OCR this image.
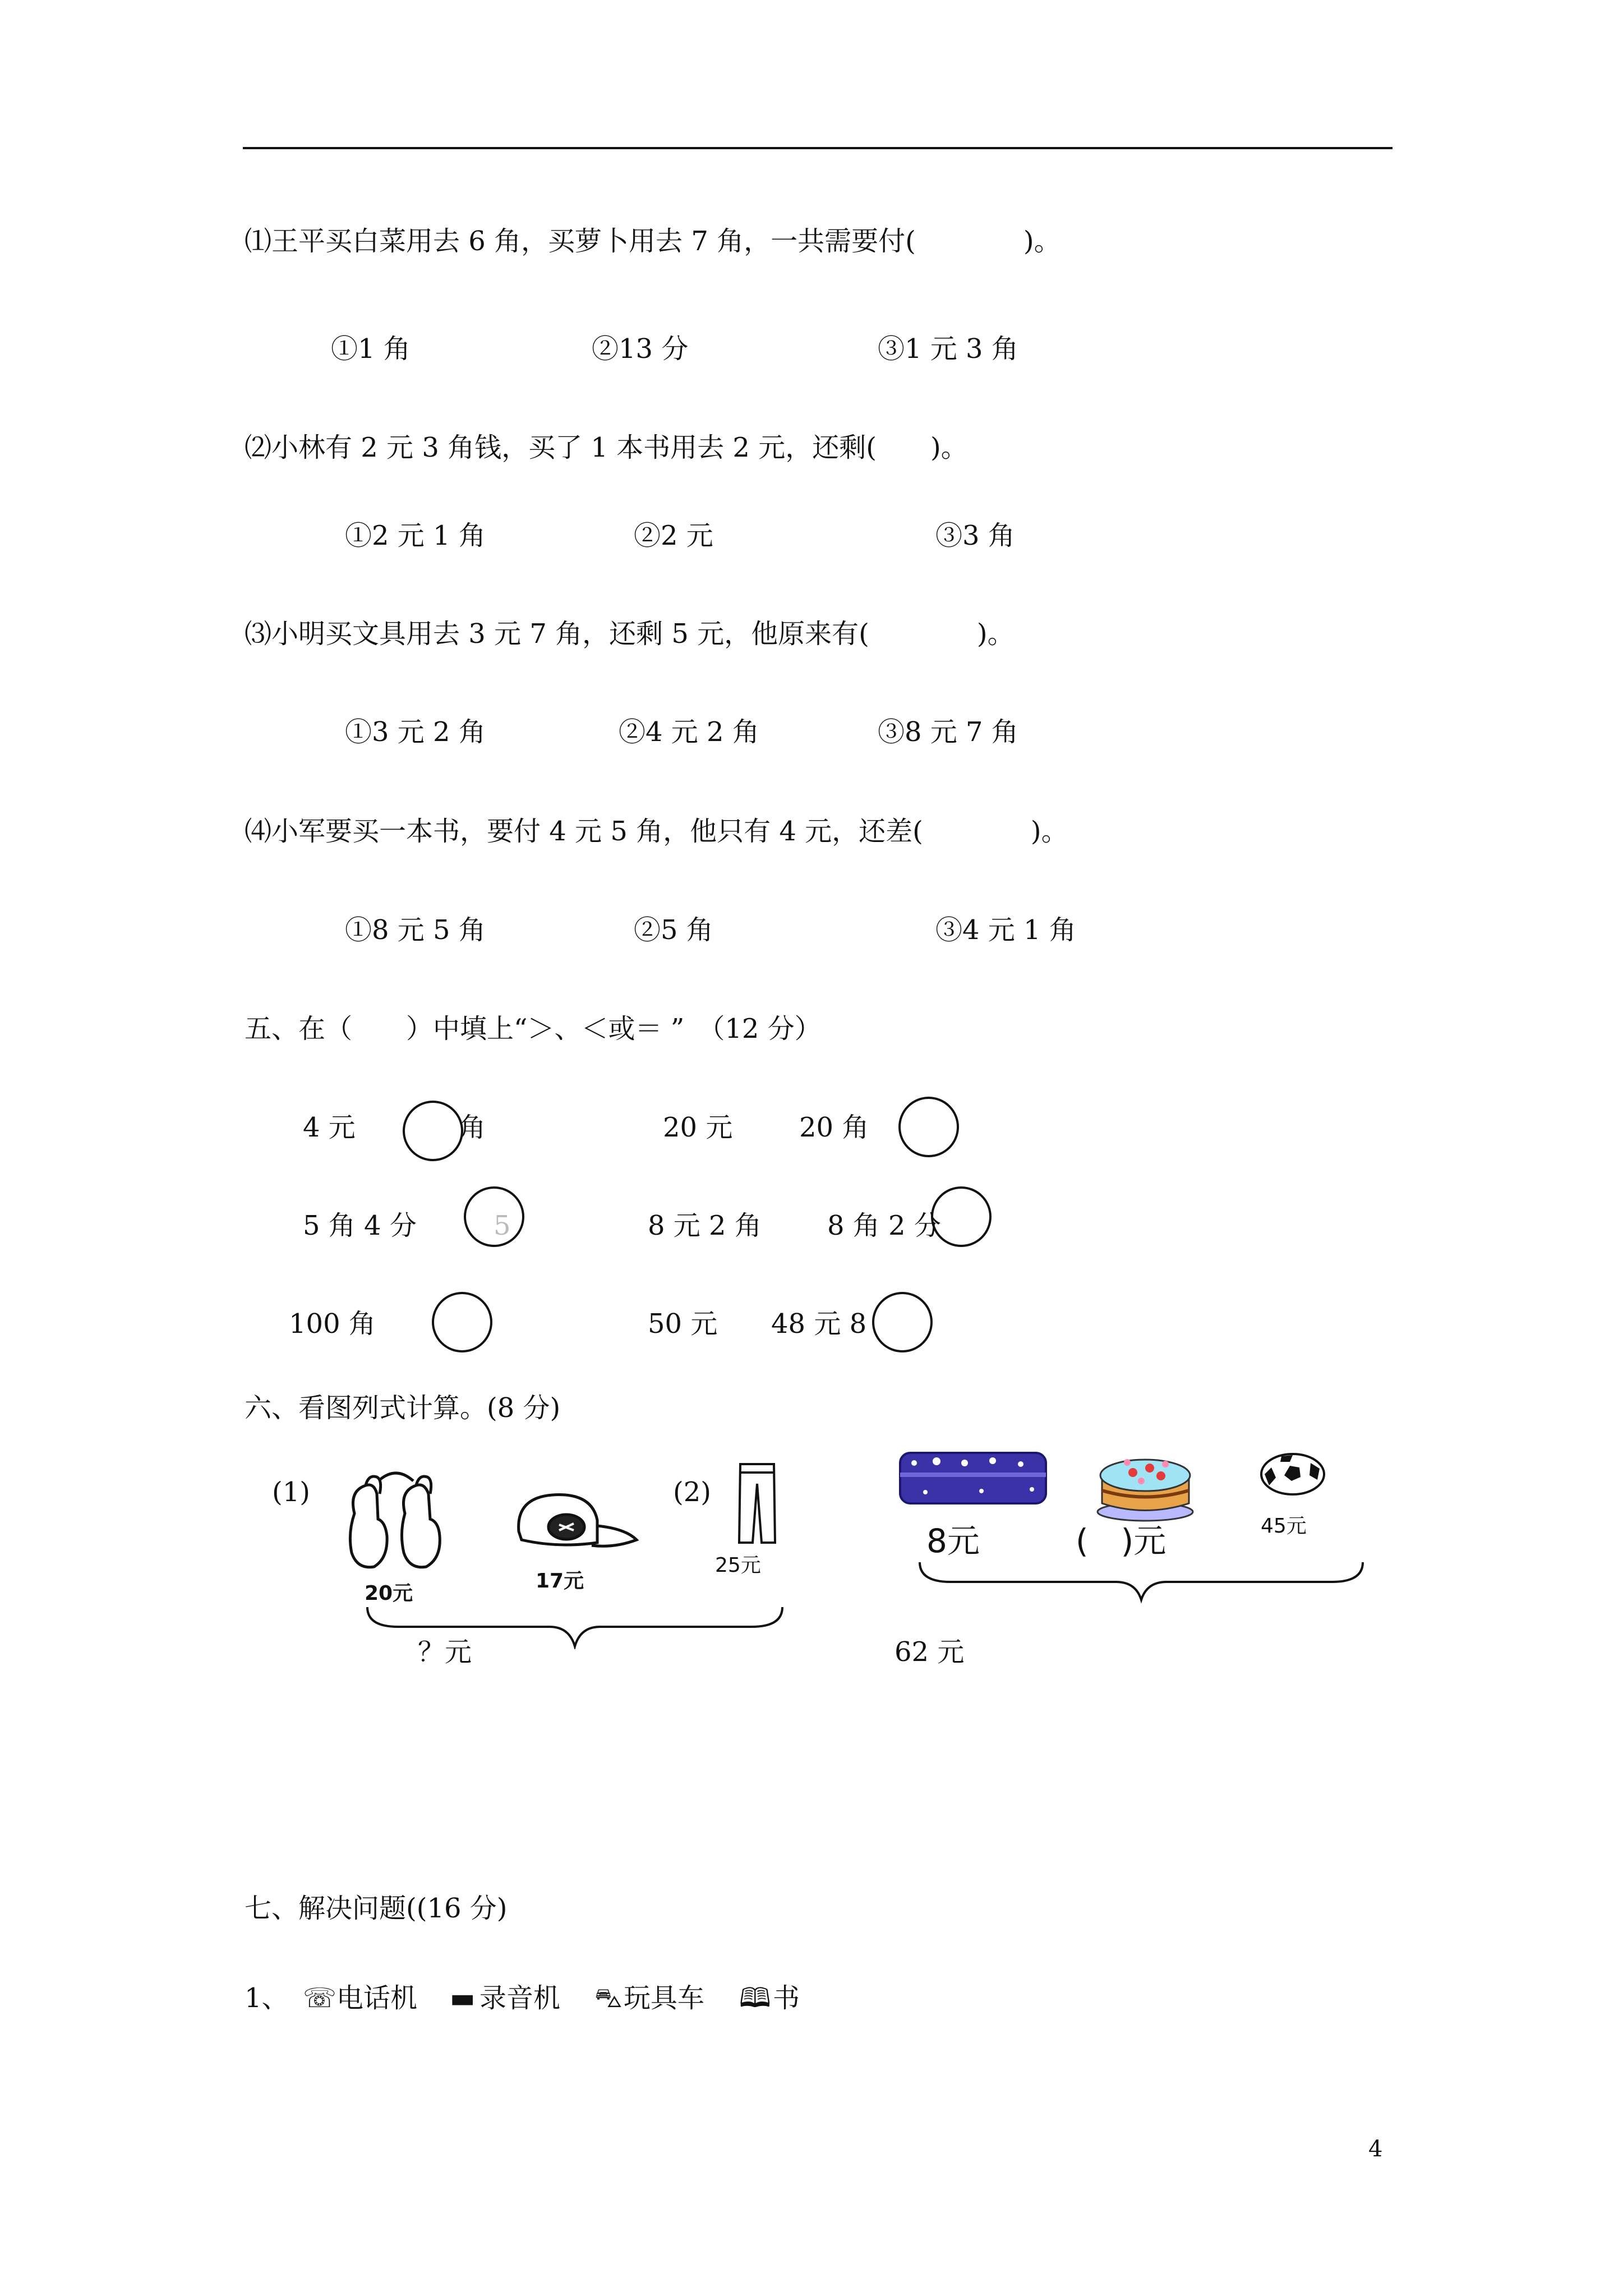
⑴王平买白菜用去 6 角，买萝卜用去 7 角，一共需要付(　　　　)。
①1 角	②13 分	③1 元 3 角
⑵小林有 2 元 3 角钱，买了 1 本书用去 2 元，还剩(　　)。
①2 元 1 角	②2 元	③3 角
⑶小明买文具用去 3 元 7 角，还剩 5 元，他原来有(　　　　)。
①3 元 2 角	②4 元 2 角	③8 元 7 角
⑷小军要买一本书，要付 4 元 5 角，他只有 4 元，还差(　　　　)。
①8 元 5 角	②5 角	③4 元 1 角
五、在（　　）中填上“＞、＜或＝ ”　（12 分）
4 元	角	20 元 20 角
5 角 4 分	5	8 元 2 角 8 角 2 分
100 角	50 元 48 元 8
六、看图列式计算。(8 分)
(1)
20元
17元
(2)
25元
？元
8元	(　)元	45元
62 元
七、解决问题((16 分)
1、 ☏ 电话机 ▬ 录音机 ⛍ 玩具车 🕮 书
4
